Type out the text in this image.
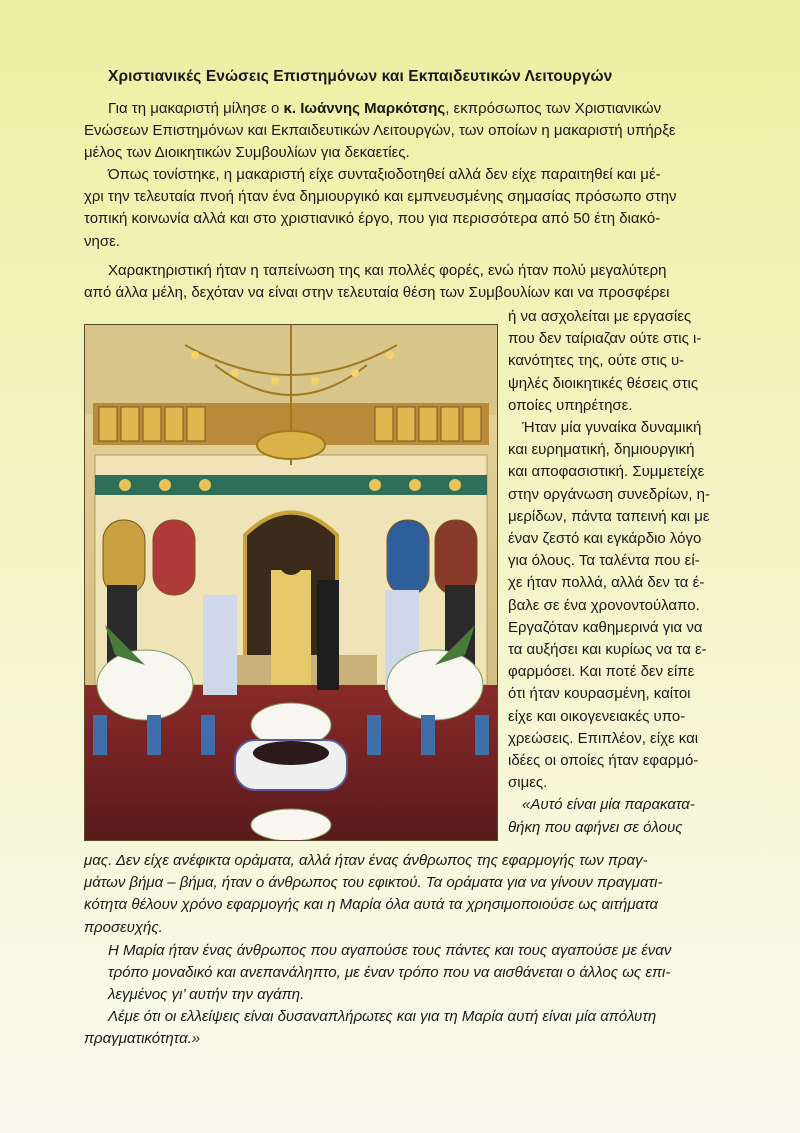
Χριστιανικές Ενώσεις Επιστημόνων και Εκπαιδευτικών Λειτουργών
Για τη μακαριστή μίλησε ο κ. Ιωάννης Μαρκότσης, εκπρόσωπος των Χριστιανικών
Ενώσεων Επιστημόνων και Εκπαιδευτικών Λειτουργών, των οποίων η μακαριστή υπήρξε
μέλος των Διοικητικών Συμβουλίων για δεκαετίες.
Όπως τονίστηκε, η μακαριστή είχε συνταξιοδοτηθεί αλλά δεν είχε παραιτηθεί και μέ-
χρι την τελευταία πνοή ήταν ένα δημιουργικό και εμπνευσμένης σημασίας πρόσωπο στην
τοπική κοινωνία αλλά και στο χριστιανικό έργο, που για περισσότερα από 50 έτη διακό-
νησε.
Χαρακτηριστική ήταν η ταπείνωση της και πολλές φορές, ενώ ήταν πολύ μεγαλύτερη
από άλλα μέλη, δεχόταν να είναι στην τελευταία θέση των Συμβουλίων και να προσφέρει
ή να ασχολείται με εργασίες
που δεν ταίριαζαν ούτε στις ι-
κανότητες της, ούτε στις υ-
ψηλές διοικητικές θέσεις στις
οποίες υπηρέτησε.
Ήταν μία γυναίκα δυναμική
και ευρηματική, δημιουργική
και αποφασιστική. Συμμετείχε
στην οργάνωση συνεδρίων, η-
μερίδων, πάντα ταπεινή και με
έναν ζεστό και εγκάρδιο λόγο
για όλους. Τα ταλέντα που εί-
χε ήταν πολλά, αλλά δεν τα έ-
βαλε σε ένα χρονοντούλαπο.
Εργαζόταν καθημερινά για να
τα αυξήσει και κυρίως να τα ε-
φαρμόσει. Και ποτέ δεν είπε
ότι ήταν κουρασμένη, καίτοι
είχε και οικογενειακές υπο-
χρεώσεις. Επιπλέον, είχε και
ιδέες οι οποίες ήταν εφαρμό-
σιμες.
«Αυτό είναι μία παρακατα-
θήκη που αφήνει σε όλους
μας. Δεν είχε ανέφικτα οράματα, αλλά ήταν ένας άνθρωπος της εφαρμογής των πραγ-
μάτων βήμα – βήμα, ήταν ο άνθρωπος του εφικτού. Τα οράματα για να γίνουν πραγματι-
κότητα θέλουν χρόνο εφαρμογής και η Μαρία όλα αυτά τα χρησιμοποιούσε ως αιτήματα
προσευχής.
Η Μαρία ήταν ένας άνθρωπος που αγαπούσε τους πάντες και τους αγαπούσε με έναν
τρόπο μοναδικό και ανεπανάληπτο, με έναν τρόπο που να αισθάνεται ο άλλος ως επι-
λεγμένος γι’ αυτήν την αγάπη.
Λέμε ότι οι ελλείψεις είναι δυσαναπλήρωτες και για τη Μαρία αυτή είναι μία απόλυτη
πραγματικότητα.»
